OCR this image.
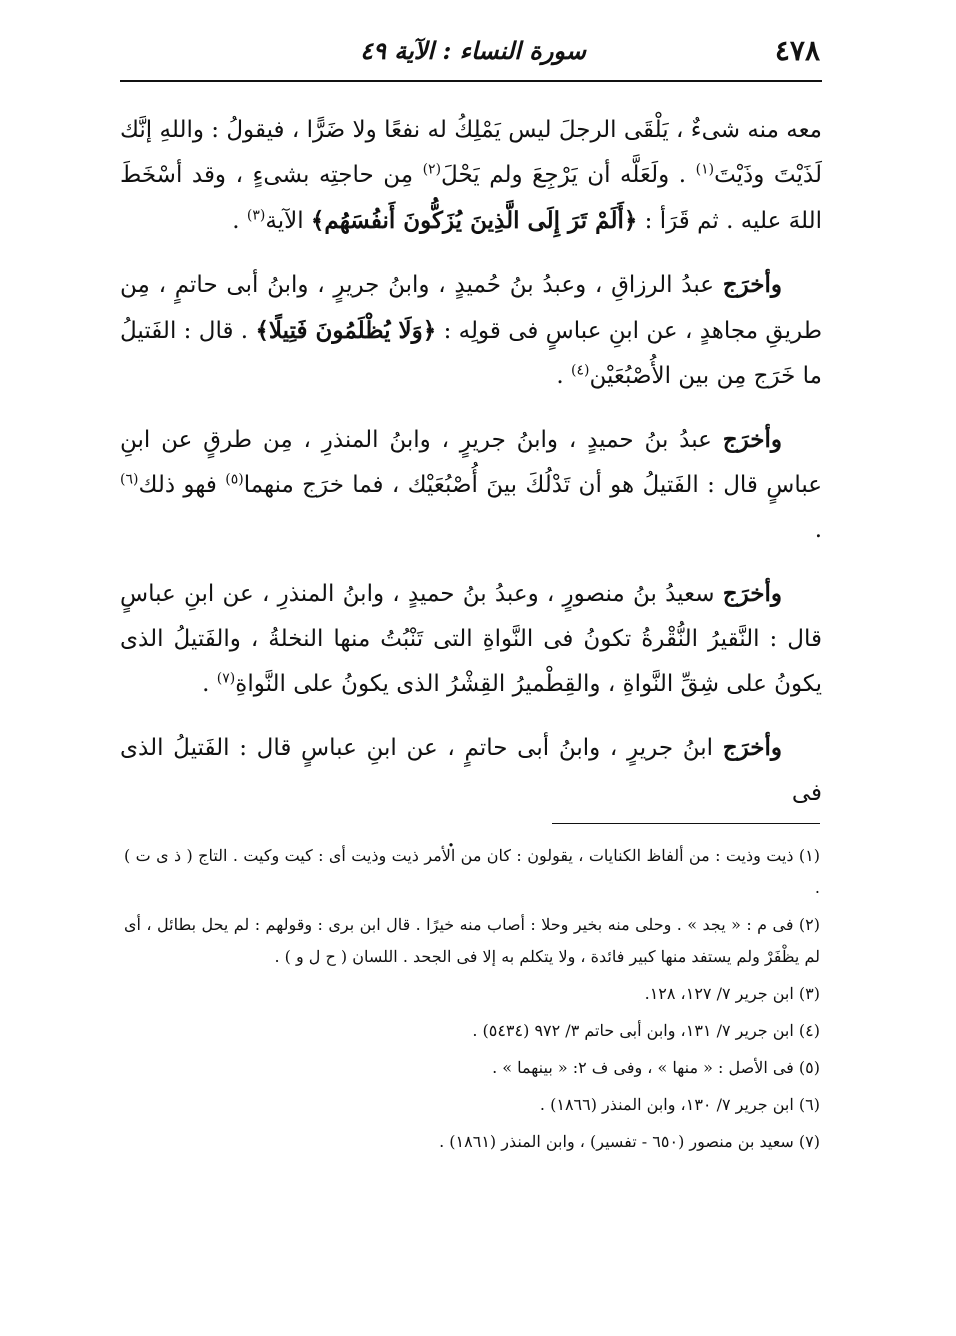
٤٧٨
سورة النساء : الآية ٤٩

معه منه شىءٌ ، يَلْقَى الرجلَ ليس يَمْلِكُ له نفعًا ولا ضَرًّا ، فيقولُ : واللهِ إنَّك لَذَيْتَ وذَيْتَ$^{(١)}$ . ولَعَلَّه أن يَرْجِعَ ولم يَحْلَ$^{(٢)}$ مِن حاجتِه بشىءٍ ، وقد أسْخَطَ اللهَ عليه . ثم قَرَأ : ﴿أَلَمْ تَرَ إِلَى الَّذِينَ يُزَكُّونَ أَنفُسَهُم﴾ الآية$^{(٣)}$ .

وأخرَج عبدُ الرزاقِ ، وعبدُ بنُ حُميدٍ ، وابنُ جريرٍ ، وابنُ أبى حاتمٍ ، مِن طريقِ مجاهدٍ ، عن ابنِ عباسٍ فى قولِه : ﴿وَلَا يُظْلَمُونَ فَتِيلًا﴾ . قال : الفَتيلُ ما خَرَج مِن بين الأُصْبُعَيْن$^{(٤)}$ .

وأخرَج عبدُ بنُ حميدٍ ، وابنُ جريرٍ ، وابنُ المنذرِ ، مِن طرقٍ عن ابنِ عباسٍ قال : الفَتيلُ هو أن تَدْلُكَ بينَ أُصْبُعَيْك ، فما خرَج منهما$^{(٥)}$ فهو ذلك$^{(٦)}$ .

وأخرَج سعيدُ بنُ منصورٍ ، وعبدُ بنُ حميدٍ ، وابنُ المنذرِ ، عن ابنِ عباسٍ قال : النَّقيرُ النُّقْرةُ تكونُ فى النَّواةِ التى تَنْبُتُ منها النخلةُ ، والفَتيلُ الذى يكونُ على شِقِّ النَّواةِ ، والقِطْميرُ القِشْرُ الذى يكونُ على النَّواةِ$^{(٧)}$ .

وأخرَج ابنُ جريرٍ ، وابنُ أبى حاتمٍ ، عن ابنِ عباسٍ قال : الفَتيلُ الذى فى

.

(١) ذيت وذيت : من ألفاظ الكنايات ، يقولون : كان من الأمر ذيت وذيت أى : كيت وكيت . التاج ( ذ ى ت ) .

(٢) فى م : « يجد » . وحلى منه بخير وحلا : أصاب منه خيرًا . قال ابن برى : وقولهم : لم يحل بطائل ، أى لم يظْفَرْ ولم يستفد منها كبير فائدة ، ولا يتكلم به إلا فى الجحد . اللسان ( ح ل و ) .

(٣) ابن جرير ٧/ ١٢٧، ١٢٨.

(٤) ابن جرير ٧/ ١٣١، وابن أبى حاتم ٣/ ٩٧٢ (٥٤٣٤) .

(٥) فى الأصل : « منها » ، وفى ف ٢: « بينهما » .

(٦) ابن جرير ٧/ ١٣٠، وابن المنذر (١٨٦٦) .

(٧) سعيد بن منصور (٦٥٠ - تفسير) ، وابن المنذر (١٨٦١) .
